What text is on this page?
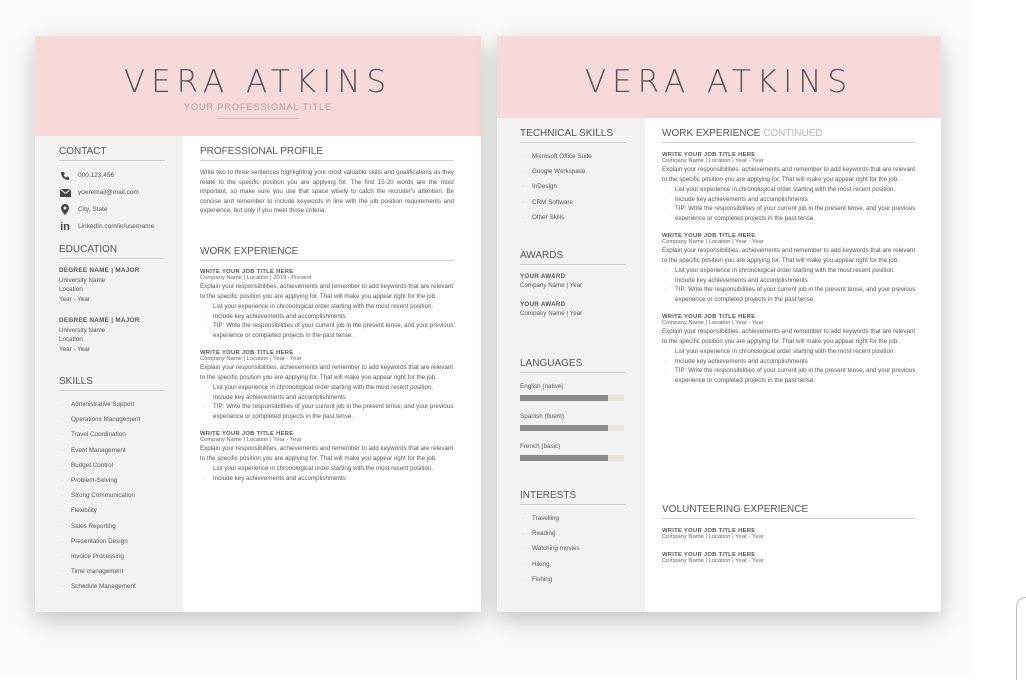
VERA ATKINS
YOUR PROFESSIONAL TITLE
CONTACT
000.123.456
youremail@mail.com
City, State
in LinkedIn.com/in/username
EDUCATION
DEGREE NAME | MAJOR
University Name
Location
Year - Year
DEGREE NAME | MAJOR
University Name
Location
Year - Year
SKILLS
· Administrative Support
· Operations Management
· Travel Coordination
· Event Management
· Budget Control
· Problem-Solving
· Strong Communication
· Flexibility
· Sales Reporting
· Presentation Design
· Invoice Processing
· Time management
· Schedule Management
PROFESSIONAL PROFILE

Write two to three sentences highlighting your most valuable skills and qualifications as they relate to the specific position you are applying for. The first 15-20 words are the most important, so make sure you use that space wisely to catch the recruiter's attention. Be concise and remember to include keywords in line with the job position requirements and experience, but only if you meet those criteria.

WORK EXPERIENCE
WRITE YOUR JOB TITLE HERE
Company Name | Location | 2019 - Present

Explain your responsibilities, achievements and remember to add keywords that are relevant to the specific position you are applying for. That will make you appear right for the job.

· List your experience in chronological order starting with the most recent position.
· Include key achievements and accomplishments
· TIP: Write the responsibilities of your current job in the present tense, and your previous experience or completed projects in the past tense.
WRITE YOUR JOB TITLE HERE
Company Name | Location | Year - Year

Explain your responsibilities, achievements and remember to add keywords that are relevant to the specific position you are applying for. That will make you appear right for the job.

· List your experience in chronological order starting with the most recent position.
· Include key achievements and accomplishments
· TIP: Write the responsibilities of your current job in the present tense, and your previous experience or completed projects in the past tense.
WRITE YOUR JOB TITLE HERE
Company Name | Location | Year - Year

Explain your responsibilities, achievements and remember to add keywords that are relevant to the specific position you are applying for. That will make you appear right for the job.

· List your experience in chronological order starting with the most recent position.
· Include key achievements and accomplishments
VERA ATKINS
TECHNICAL SKILLS
· Microsoft Office Suite
· Google Workspace
· InDesign
· CRM Software
· Other Skills
AWARDS
YOUR AWARD
Company Name | Year
YOUR AWARD
Company Name | Year
LANGUAGES
English (native)
Spanish (fluent)
French (basic)
INTERESTS
· Travelling
· Reading
· Watching movies
· Hiking
· Fishing
WORK EXPERIENCE CONTINUED
WRITE YOUR JOB TITLE HERE
Company Name | Location | Year - Year

Explain your responsibilities, achievements and remember to add keywords that are relevant to the specific position you are applying for. That will make you appear right for the job.

· List your experience in chronological order starting with the most recent position.
· Include key achievements and accomplishments
· TIP: Write the responsibilities of your current job in the present tense, and your previous experience or completed projects in the past tense.
WRITE YOUR JOB TITLE HERE
Company Name | Location | Year - Year

Explain your responsibilities, achievements and remember to add keywords that are relevant to the specific position you are applying for. That will make you appear right for the job.

· List your experience in chronological order starting with the most recent position.
· Include key achievements and accomplishments
· TIP: Write the responsibilities of your current job in the present tense, and your previous experience or completed projects in the past tense.
WRITE YOUR JOB TITLE HERE
Company Name | Location | Year - Year

Explain your responsibilities, achievements and remember to add keywords that are relevant to the specific position you are applying for. That will make you appear right for the job.

· List your experience in chronological order starting with the most recent position.
· Include key achievements and accomplishments
· TIP: Write the responsibilities of your current job in the present tense, and your previous experience or completed projects in the past tense.
VOLUNTEERING EXPERIENCE
WRITE YOUR JOB TITLE HERE
Company Name | Location | Year - Year
WRITE YOUR JOB TITLE HERE
Company Name | Location | Year - Year
